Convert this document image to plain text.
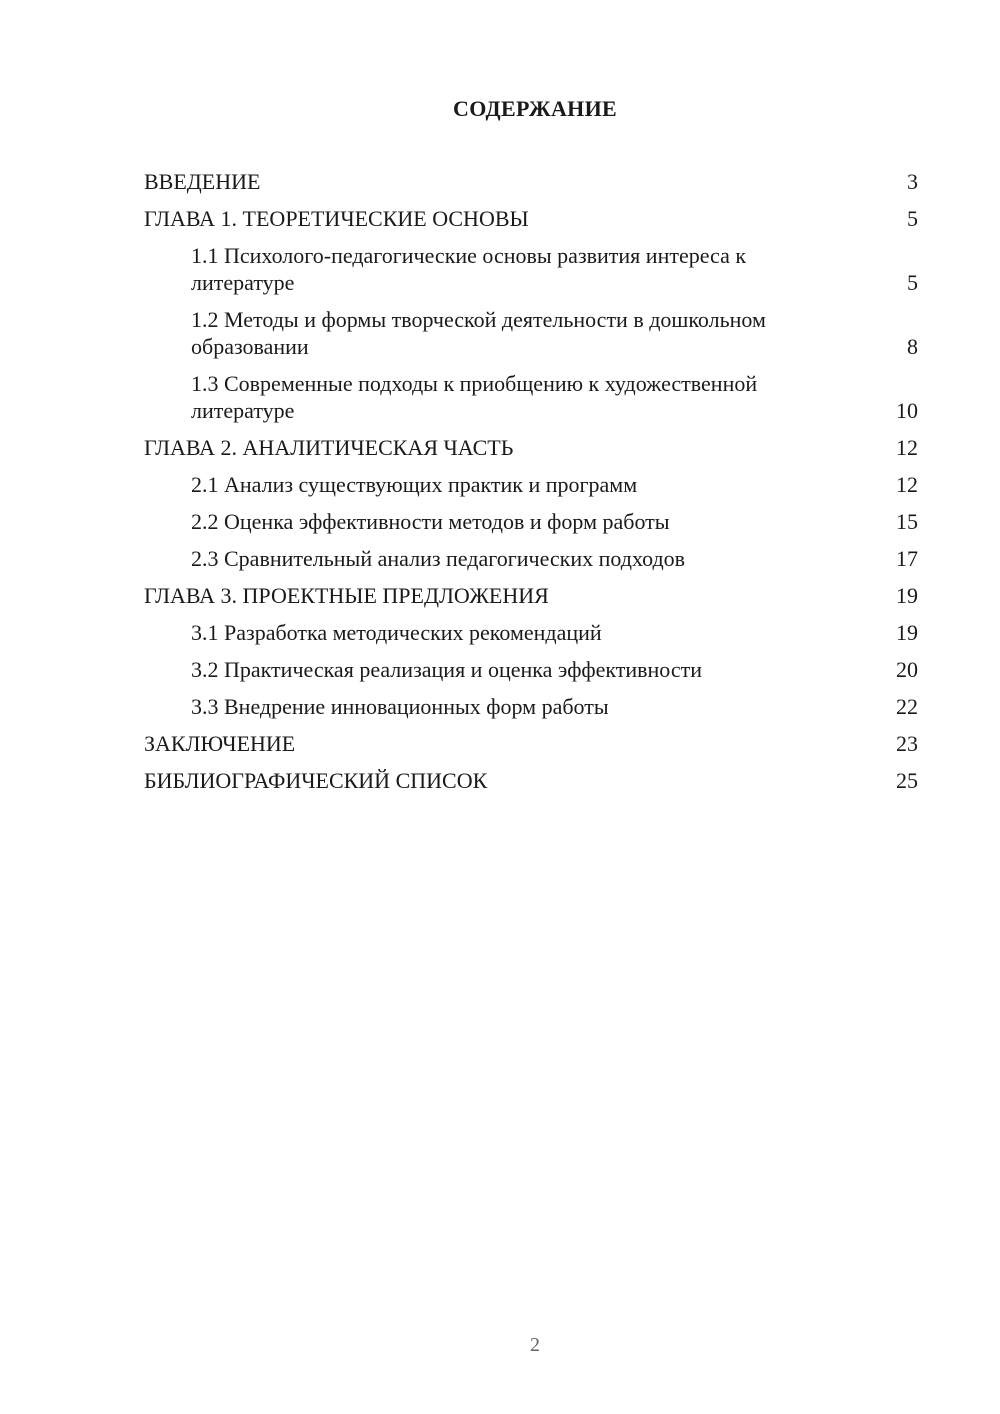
СОДЕРЖАНИЕ
ВВЕДЕНИЕ	3
ГЛАВА 1. ТЕОРЕТИЧЕСКИЕ ОСНОВЫ	5
1.1 Психолого-педагогические основы развития интереса к литературе	5
1.2 Методы и формы творческой деятельности в дошкольном образовании	8
1.3 Современные подходы к приобщению к художественной литературе	10
ГЛАВА 2. АНАЛИТИЧЕСКАЯ ЧАСТЬ	12
2.1 Анализ существующих практик и программ	12
2.2 Оценка эффективности методов и форм работы	15
2.3 Сравнительный анализ педагогических подходов	17
ГЛАВА 3. ПРОЕКТНЫЕ ПРЕДЛОЖЕНИЯ	19
3.1 Разработка методических рекомендаций	19
3.2 Практическая реализация и оценка эффективности	20
3.3 Внедрение инновационных форм работы	22
ЗАКЛЮЧЕНИЕ	23
БИБЛИОГРАФИЧЕСКИЙ СПИСОК	25
2
